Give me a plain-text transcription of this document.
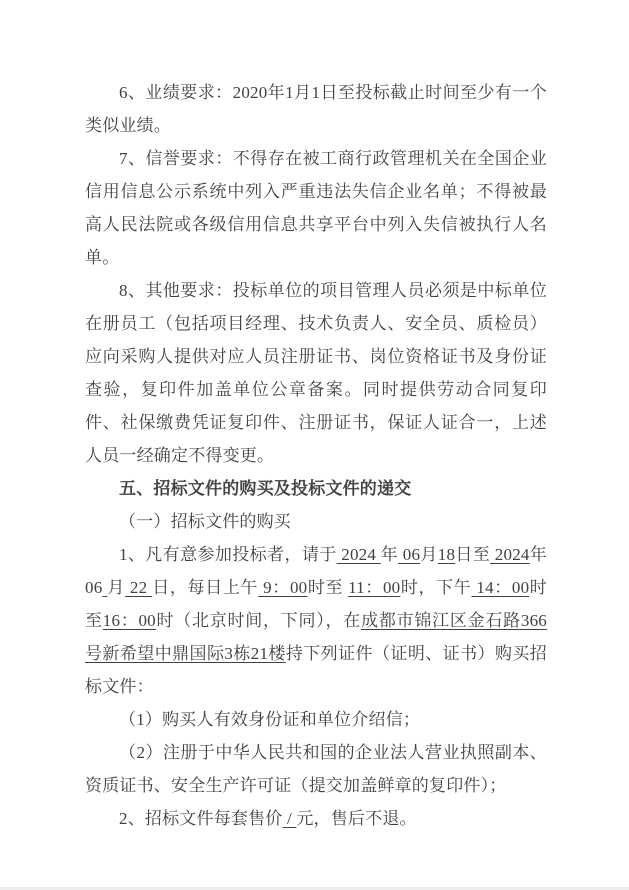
6、业绩要求：2020年1月1日至投标截止时间至少有一个类似业绩。

7、信誉要求：不得存在被工商行政管理机关在全国企业信用信息公示系统中列入严重违法失信企业名单；不得被最高人民法院或各级信用信息共享平台中列入失信被执行人名单。

8、其他要求：投标单位的项目管理人员必须是中标单位在册员工（包括项目经理、技术负责人、安全员、质检员）应向采购人提供对应人员注册证书、岗位资格证书及身份证查验，复印件加盖单位公章备案。同时提供劳动合同复印件、社保缴费凭证复印件、注册证书，保证人证合一，上述人员一经确定不得变更。

五、招标文件的购买及投标文件的递交

（一）招标文件的购买

1、凡有意参加投标者，请于 2024 年 06月18日至 2024年06 月 22 日，每日上午 9：00时至 11：00时，下午 14：00时至16：00时（北京时间，下同），在成都市锦江区金石路366号新希望中鼎国际3栋21楼持下列证件（证明、证书）购买招标文件：

（1）购买人有效身份证和单位介绍信；

（2）注册于中华人民共和国的企业法人营业执照副本、资质证书、安全生产许可证（提交加盖鲜章的复印件）；

2、招标文件每套售价 / 元，售后不退。
